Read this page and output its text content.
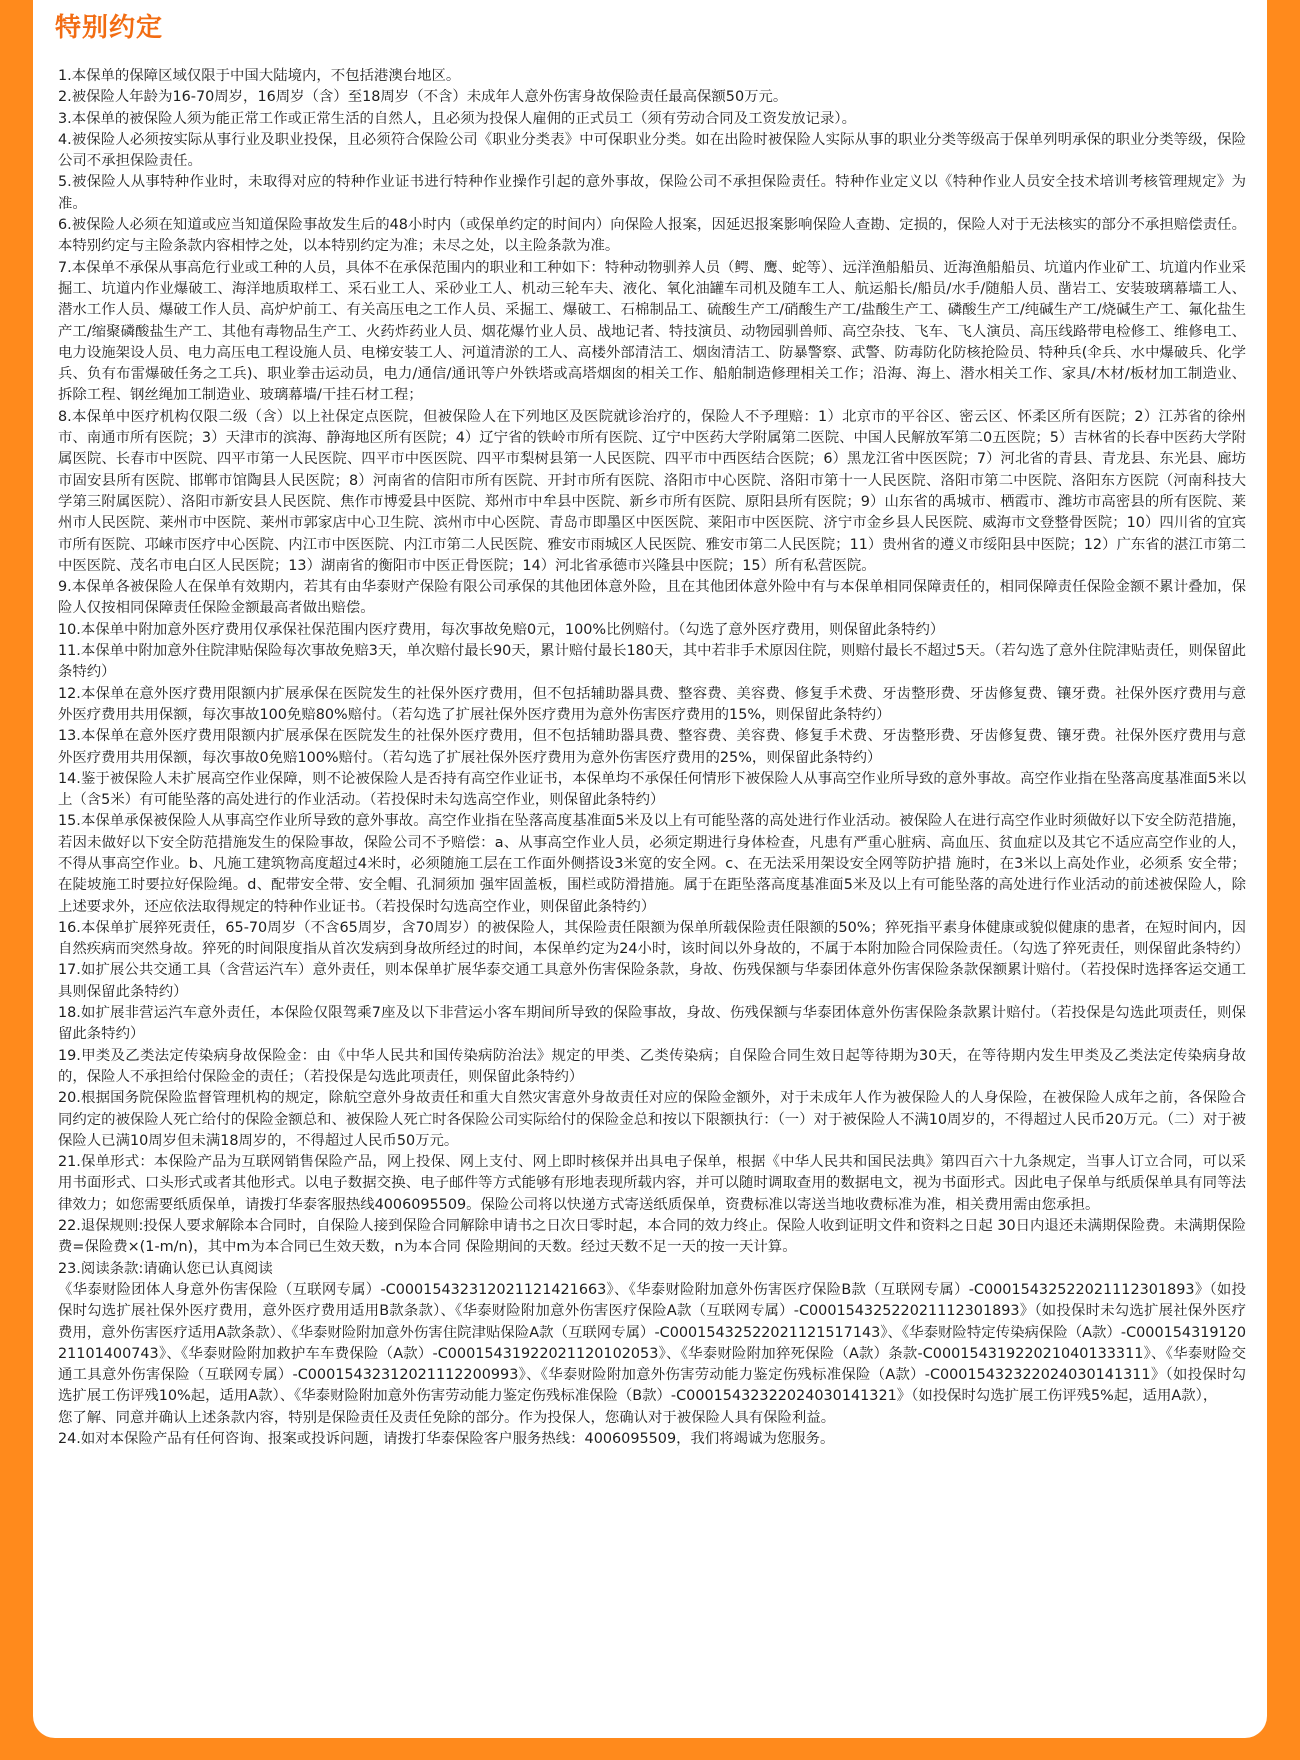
特别约定

1.本保单的保障区域仅限于中国大陆境内，不包括港澳台地区。

2.被保险人年龄为16-70周岁，16周岁（含）至18周岁（不含）未成年人意外伤害身故保险责任最高保额50万元。

3.本保单的被保险人须为能正常工作或正常生活的自然人，且必须为投保人雇佣的正式员工（须有劳动合同及工资发放记录）。

4.被保险人必须按实际从事行业及职业投保，且必须符合保险公司《职业分类表》中可保职业分类。如在出险时被保险人实际从事的职业分类等级高于保单列明承保的职业分类等级，保险公司不承担保险责任。

5.被保险人从事特种作业时，未取得对应的特种作业证书进行特种作业操作引起的意外事故，保险公司不承担保险责任。特种作业定义以《特种作业人员安全技术培训考核管理规定》为准。

6.被保险人必须在知道或应当知道保险事故发生后的48小时内（或保单约定的时间内）向保险人报案，因延迟报案影响保险人查勘、定损的，保险人对于无法核实的部分不承担赔偿责任。本特别约定与主险条款内容相悖之处，以本特别约定为准；未尽之处，以主险条款为准。

7.本保单不承保从事高危行业或工种的人员，具体不在承保范围内的职业和工种如下：特种动物驯养人员（鳄、鹰、蛇等）、远洋渔船船员、近海渔船船员、坑道内作业矿工、坑道内作业采掘工、坑道内作业爆破工、海洋地质取样工、采石业工人、采砂业工人、机动三轮车夫、液化、氧化油罐车司机及随车工人、航运船长/船员/水手/随船人员、凿岩工、安装玻璃幕墙工人、潜水工作人员、爆破工作人员、高炉炉前工、有关高压电之工作人员、采掘工、爆破工、石棉制品工、硫酸生产工/硝酸生产工/盐酸生产工、磷酸生产工/纯碱生产工/烧碱生产工、氟化盐生产工/缩聚磷酸盐生产工、其他有毒物品生产工、火药炸药业人员、烟花爆竹业人员、战地记者、特技演员、动物园驯兽师、高空杂技、飞车、飞人演员、高压线路带电检修工、维修电工、电力设施架设人员、电力高压电工程设施人员、电梯安装工人、河道清淤的工人、高楼外部清洁工、烟囱清洁工、防暴警察、武警、防毒防化防核抢险员、特种兵(伞兵、水中爆破兵、化学兵、负有布雷爆破任务之工兵)、职业拳击运动员，电力/通信/通讯等户外铁塔或高塔烟囱的相关工作、船舶制造修理相关工作；沿海、海上、潜水相关工作、家具/木材/板材加工制造业、拆除工程、钢丝绳加工制造业、玻璃幕墙/干挂石材工程；

8.本保单中医疗机构仅限二级（含）以上社保定点医院，但被保险人在下列地区及医院就诊治疗的，保险人不予理赔：1）北京市的平谷区、密云区、怀柔区所有医院；2）江苏省的徐州市、南通市所有医院；3）天津市的滨海、静海地区所有医院；4）辽宁省的铁岭市所有医院、辽宁中医药大学附属第二医院、中国人民解放军第二0五医院；5）吉林省的长春中医药大学附属医院、长春市中医院、四平市第一人民医院、四平市中医医院、四平市梨树县第一人民医院、四平市中西医结合医院；6）黑龙江省中医医院；7）河北省的青县、青龙县、东光县、廊坊市固安县所有医院、邯郸市馆陶县人民医院；8）河南省的信阳市所有医院、开封市所有医院、洛阳市中心医院、洛阳市第十一人民医院、洛阳市第二中医院、洛阳东方医院（河南科技大学第三附属医院）、洛阳市新安县人民医院、焦作市博爱县中医院、郑州市中牟县中医院、新乡市所有医院、原阳县所有医院；9）山东省的禹城市、栖霞市、潍坊市高密县的所有医院、莱州市人民医院、莱州市中医院、莱州市郭家店中心卫生院、滨州市中心医院、青岛市即墨区中医医院、莱阳市中医医院、济宁市金乡县人民医院、威海市文登整骨医院；10）四川省的宜宾市所有医院、邛崃市医疗中心医院、内江市中医医院、内江市第二人民医院、雅安市雨城区人民医院、雅安市第二人民医院；11）贵州省的遵义市绥阳县中医院；12）广东省的湛江市第二中医医院、茂名市电白区人民医院；13）湖南省的衡阳市中医正骨医院；14）河北省承德市兴隆县中医院；15）所有私营医院。

9.本保单各被保险人在保单有效期内，若其有由华泰财产保险有限公司承保的其他团体意外险，且在其他团体意外险中有与本保单相同保障责任的，相同保障责任保险金额不累计叠加，保险人仅按相同保障责任保险金额最高者做出赔偿。

10.本保单中附加意外医疗费用仅承保社保范围内医疗费用，每次事故免赔0元，100%比例赔付。（勾选了意外医疗费用，则保留此条特约）

11.本保单中附加意外住院津贴保险每次事故免赔3天，单次赔付最长90天，累计赔付最长180天，其中若非手术原因住院，则赔付最长不超过5天。（若勾选了意外住院津贴责任，则保留此条特约）

12.本保单在意外医疗费用限额内扩展承保在医院发生的社保外医疗费用，但不包括辅助器具费、整容费、美容费、修复手术费、牙齿整形费、牙齿修复费、镶牙费。社保外医疗费用与意外医疗费用共用保额，每次事故100免赔80%赔付。（若勾选了扩展社保外医疗费用为意外伤害医疗费用的15%，则保留此条特约）

13.本保单在意外医疗费用限额内扩展承保在医院发生的社保外医疗费用，但不包括辅助器具费、整容费、美容费、修复手术费、牙齿整形费、牙齿修复费、镶牙费。社保外医疗费用与意外医疗费用共用保额，每次事故0免赔100%赔付。（若勾选了扩展社保外医疗费用为意外伤害医疗费用的25%，则保留此条特约）

14.鉴于被保险人未扩展高空作业保障，则不论被保险人是否持有高空作业证书，本保单均不承保任何情形下被保险人从事高空作业所导致的意外事故。高空作业指在坠落高度基准面5米以上（含5米）有可能坠落的高处进行的作业活动。（若投保时未勾选高空作业，则保留此条特约）

15.本保单承保被保险人从事高空作业所导致的意外事故。高空作业指在坠落高度基准面5米及以上有可能坠落的高处进行作业活动。被保险人在进行高空作业时须做好以下安全防范措施，若因未做好以下安全防范措施发生的保险事故，保险公司不予赔偿：a、从事高空作业人员，必须定期进行身体检查，凡患有严重心脏病、高血压、贫血症以及其它不适应高空作业的人，不得从事高空作业。b、凡施工建筑物高度超过4米时，必须随施工层在工作面外侧搭设3米宽的安全网。c、在无法采用架设安全网等防护措 施时，在3米以上高处作业，必须系 安全带；在陡坡施工时要拉好保险绳。d、配带安全带、安全帽、孔洞须加 强牢固盖板，围栏或防滑措施。属于在距坠落高度基准面5米及以上有可能坠落的高处进行作业活动的前述被保险人，除上述要求外，还应依法取得规定的特种作业证书。（若投保时勾选高空作业，则保留此条特约）

16.本保单扩展猝死责任，65-70周岁（不含65周岁，含70周岁）的被保险人，其保险责任限额为保单所载保险责任限额的50%；猝死指平素身体健康或貌似健康的患者，在短时间内，因自然疾病而突然身故。猝死的时间限度指从首次发病到身故所经过的时间，本保单约定为24小时，该时间以外身故的，不属于本附加险合同保险责任。（勾选了猝死责任，则保留此条特约）

17.如扩展公共交通工具（含营运汽车）意外责任，则本保单扩展华泰交通工具意外伤害保险条款，身故、伤残保额与华泰团体意外伤害保险条款保额累计赔付。（若投保时选择客运交通工具则保留此条特约）

18.如扩展非营运汽车意外责任，本保险仅限驾乘7座及以下非营运小客车期间所导致的保险事故，身故、伤残保额与华泰团体意外伤害保险条款累计赔付。（若投保是勾选此项责任，则保留此条特约）

19.甲类及乙类法定传染病身故保险金：由《中华人民共和国传染病防治法》规定的甲类、乙类传染病；自保险合同生效日起等待期为30天，在等待期内发生甲类及乙类法定传染病身故的，保险人不承担给付保险金的责任；（若投保是勾选此项责任，则保留此条特约）

20.根据国务院保险监督管理机构的规定，除航空意外身故责任和重大自然灾害意外身故责任对应的保险金额外，对于未成年人作为被保险人的人身保险，在被保险人成年之前，各保险合同约定的被保险人死亡给付的保险金额总和、被保险人死亡时各保险公司实际给付的保险金总和按以下限额执行：（一）对于被保险人不满10周岁的，不得超过人民币20万元。（二）对于被保险人已满10周岁但未满18周岁的，不得超过人民币50万元。

21.保单形式：本保险产品为互联网销售保险产品，网上投保、网上支付、网上即时核保并出具电子保单，根据《中华人民共和国民法典》第四百六十九条规定，当事人订立合同，可以采用书面形式、口头形式或者其他形式。以电子数据交换、电子邮件等方式能够有形地表现所载内容，并可以随时调取查用的数据电文，视为书面形式。因此电子保单与纸质保单具有同等法律效力；如您需要纸质保单，请拨打华泰客服热线4006095509。保险公司将以快递方式寄送纸质保单，资费标准以寄送当地收费标准为准，相关费用需由您承担。

22.退保规则:投保人要求解除本合同时，自保险人接到保险合同解除申请书之日次日零时起，本合同的效力终止。保险人收到证明文件和资料之日起 30日内退还未满期保险费。未满期保险费=保险费×(1-m/n)，其中m为本合同已生效天数，n为本合同 保险期间的天数。经过天数不足一天的按一天计算。

23.阅读条款:请确认您已认真阅读

《华泰财险团体人身意外伤害保险（互联网专属）-C00015432312021121421663》、《华泰财险附加意外伤害医疗保险B款（互联网专属）-C00015432522021112301893》（如投保时勾选扩展社保外医疗费用，意外医疗费用适用B款条款）、《华泰财险附加意外伤害医疗保险A款（互联网专属）-C00015432522021112301893》（如投保时未勾选扩展社保外医疗费用，意外伤害医疗适用A款条款）、《华泰财险附加意外伤害住院津贴保险A款（互联网专属）-C00015432522021121517143》、《华泰财险特定传染病保险（A款）-C00015431912021101400743》、《华泰财险附加救护车车费保险（A款）-C00015431922021120102053》、《华泰财险附加猝死保险（A款）条款-C00015431922021040133311》、《华泰财险交通工具意外伤害保险（互联网专属）-C00015432312021112200993》、《华泰财险附加意外伤害劳动能力鉴定伤残标准保险（A款）-C00015432322024030141311》（如投保时勾选扩展工伤评残10%起，适用A款）、《华泰财险附加意外伤害劳动能力鉴定伤残标准保险（B款）-C00015432322024030141321》（如投保时勾选扩展工伤评残5%起，适用A款），

您了解、同意并确认上述条款内容，特别是保险责任及责任免除的部分。作为投保人，您确认对于被保险人具有保险利益。

24.如对本保险产品有任何咨询、报案或投诉问题，请拨打华泰保险客户服务热线：4006095509，我们将竭诚为您服务。
